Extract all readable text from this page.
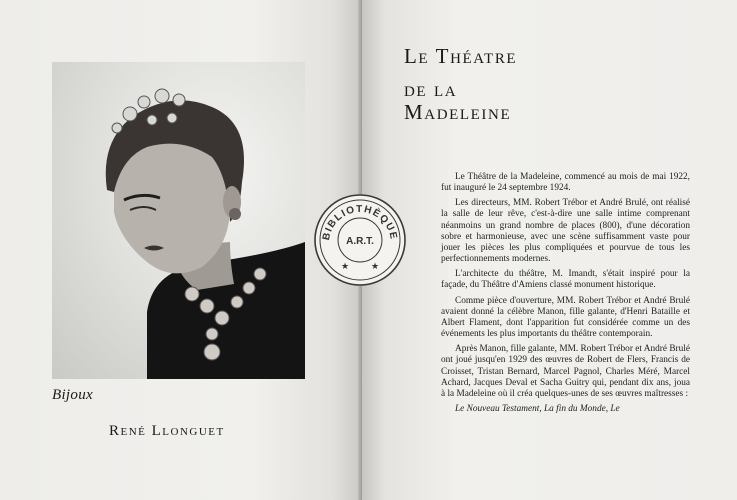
Bijoux
René Llonguet
Le Théatre
de la
Madeleine

Le Théâtre de la Madeleine, commencé au mois de mai 1922, fut inauguré le 24 septembre 1924.

Les directeurs, MM. Robert Trébor et André Brulé, ont réalisé la salle de leur rêve, c'est-à-dire une salle intime comprenant néanmoins un grand nombre de places (800), d'une décoration sobre et harmonieuse, avec une scène suffisamment vaste pour jouer les pièces les plus compliquées et pourvue de tous les perfectionnements modernes.

L'architecte du théâtre, M. Imandt, s'était inspiré pour la façade, du Théâtre d'Amiens classé monument historique.

Comme pièce d'ouverture, MM. Robert Trébor et André Brulé avaient donné la célèbre Manon, fille galante, d'Henri Bataille et Albert Flament, dont l'apparition fut considérée comme un des événements les plus importants du théâtre contemporain.

Après Manon, fille galante, MM. Robert Trébor et André Brulé ont joué jusqu'en 1929 des œuvres de Robert de Flers, Francis de Croisset, Tristan Bernard, Marcel Pagnol, Charles Méré, Marcel Achard, Jacques Deval et Sacha Guitry qui, pendant dix ans, joua à la Madeleine où il créa quelques-unes de ses œuvres maîtresses :

Le Nouveau Testament, La fin du Monde, Le

BIBLIOTHÈQUE
A.R.T.
★ ★
